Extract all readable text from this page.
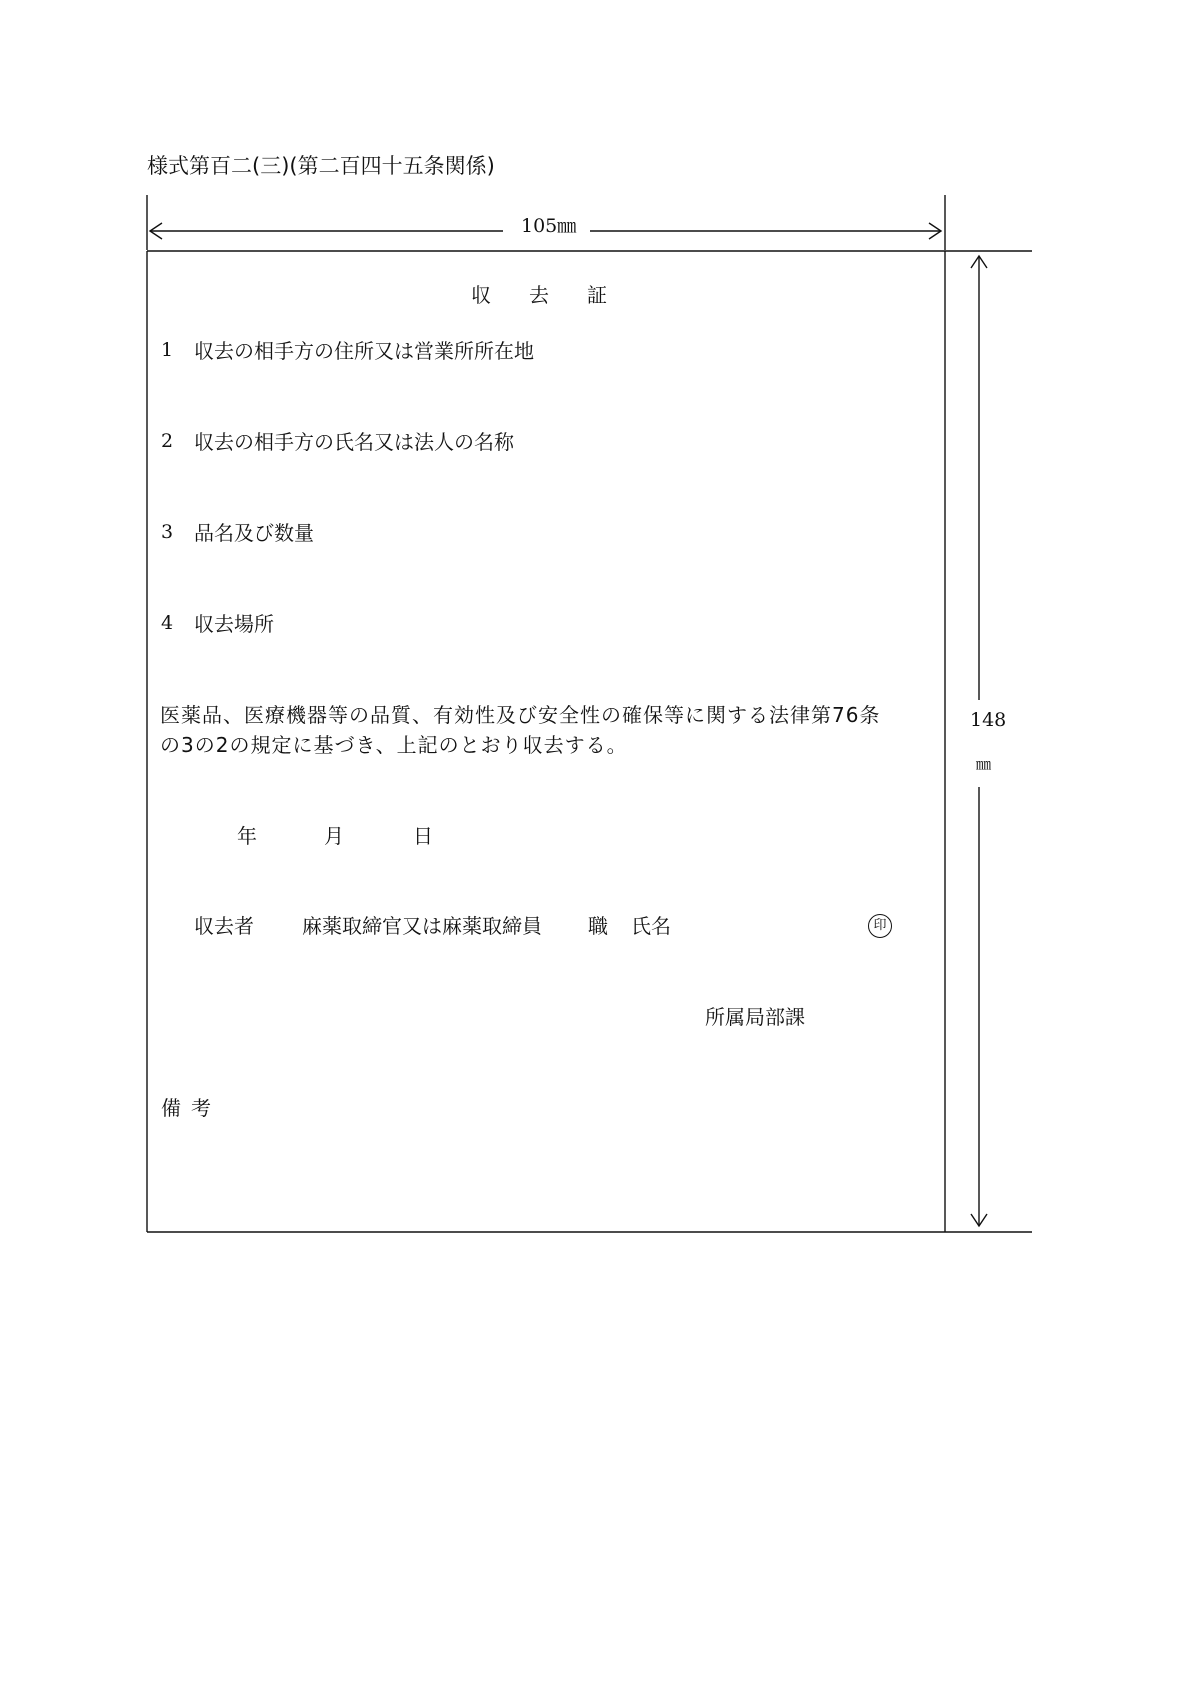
様式第百二(三)(第二百四十五条関係)
105㎜
148
㎜
収去証
1 収去の相手方の住所又は営業所所在地
2 収去の相手方の氏名又は法人の名称
3 品名及び数量
4 収去場所
医薬品、医療機器等の品質、有効性及び安全性の確保等に関する法律第76条
の3の2の規定に基づき、上記のとおり収去する。
年	月	日
収去者 麻薬取締官又は麻薬取締員 職 氏名	印
所属局部課
備考
